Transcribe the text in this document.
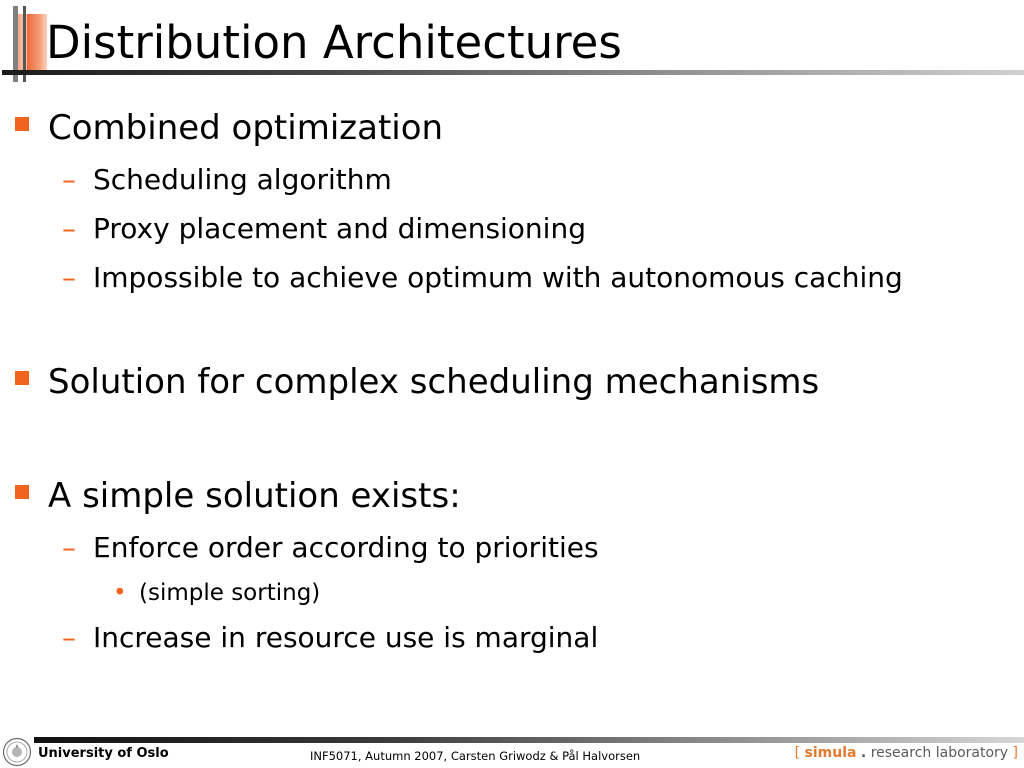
Distribution Architectures
Combined optimization
– Scheduling algorithm
– Proxy placement and dimensioning
– Impossible to achieve optimum with autonomous caching
Solution for complex scheduling mechanisms
A simple solution exists:
– Enforce order according to priorities
• (simple sorting)
– Increase in resource use is marginal
University of Oslo	INF5071, Autumn 2007, Carsten Griwodz & Pål Halvorsen	[ simula . research laboratory ]
